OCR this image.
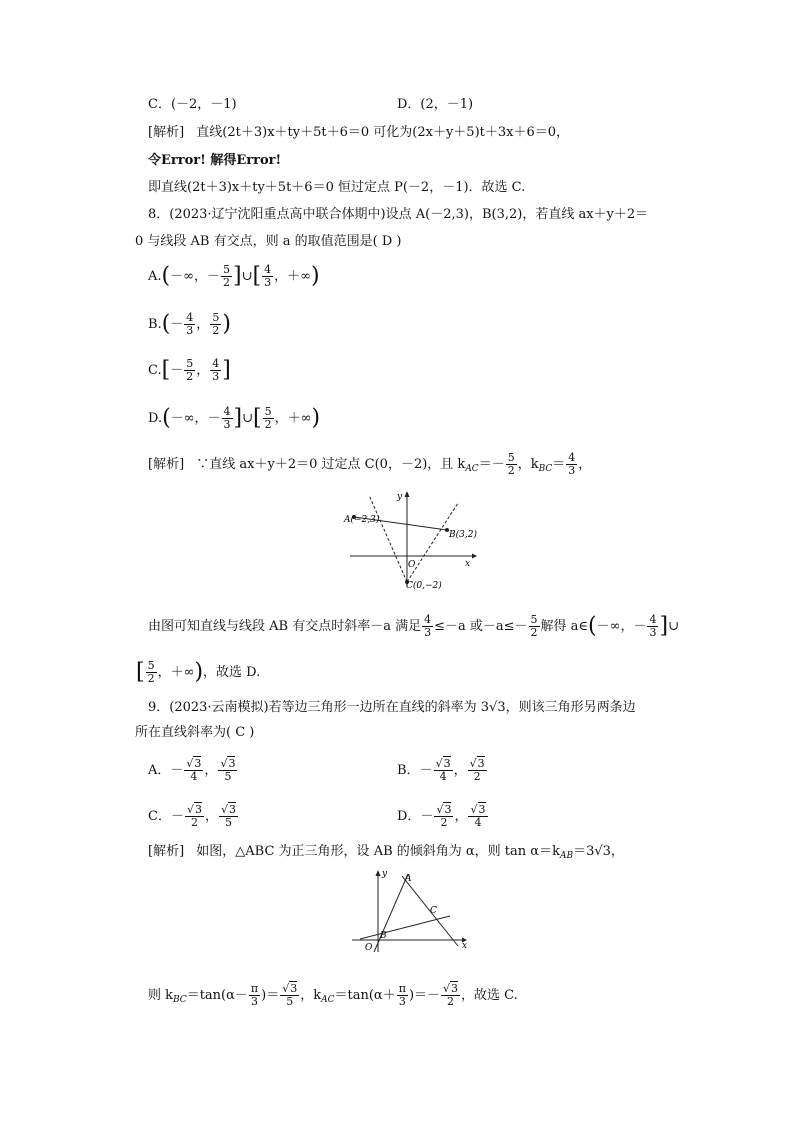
C．(－2，－1)	D．(2，－1)
[解析] 直线(2t＋3)x＋ty＋5t＋6＝0 可化为(2x＋y＋5)t＋3x＋6＝0，
令Error! 解得Error!
即直线(2t＋3)x＋ty＋5t＋6＝0 恒过定点 P(－2，－1)．故选 C.
8．(2023·辽宁沈阳重点高中联合体期中)设点 A(－2,3)，B(3,2)，若直线 ax＋y＋2＝
0 与线段 AB 有交点，则 a 的取值范围是( D )
A.(－∞，－ $\frac{5}{2}$ ]∪[ $\frac{4}{3}$ ，＋∞)
$B.(- \frac{4}{3}$ ， $\frac{5}{2}$ )
$C.[- \frac{5}{2}$ ， $\frac{4}{3}$ ]
D.(－∞，－ $\frac{4}{3}$ ]∪[ $\frac{5}{2}$ ，＋∞)
[解析] ∵直线 ax＋y＋2＝0 过定点 C(0，－2)，且 $k_{AC}=- \frac{5}{2}$ ，$k_{BC}= \frac{4}{3}$ ，
A(−2,3)
B(3,2)
C(0,−2)
O	x
y
由图可知直线与线段 AB 有交点时斜率－a 满足 $\frac{4}{3} \le-a$ 或$-a\le- \frac{5}{2}$ 解得 a∈(－∞，－ $\frac{4}{3}$ ]∪
[ $\frac{5}{2}$ ，＋∞)，故选 D.
9．(2023·云南模拟)若等边三角形一边所在直线的斜率为 3√3，则该三角形另两条边
所在直线斜率为( C )
A．－ $\frac{√3}{4}$ ， $\frac{√3}{5}$	B．－ $\frac{√3}{4}$ ， $\frac{√3}{2}$
C．－ $\frac{√3}{2}$ ， $\frac{√3}{5}$	D．－ $\frac{√3}{2}$ ， $\frac{√3}{4}$
[解析] 如图，△ABC 为正三角形，设 AB 的倾斜角为 α，则 $\tan \alpha=k_{AB}=3√3$，
A
B
C
O	x
y
则 $k_{BC}=\tan(\alpha- \frac{\pi}{3}$ )＝ $\frac{√3}{5}$ ，$k_{AC}=\tan(\alpha+ \frac{\pi}{3}$ )＝－ $\frac{√3}{2}$ ，故选 C.
